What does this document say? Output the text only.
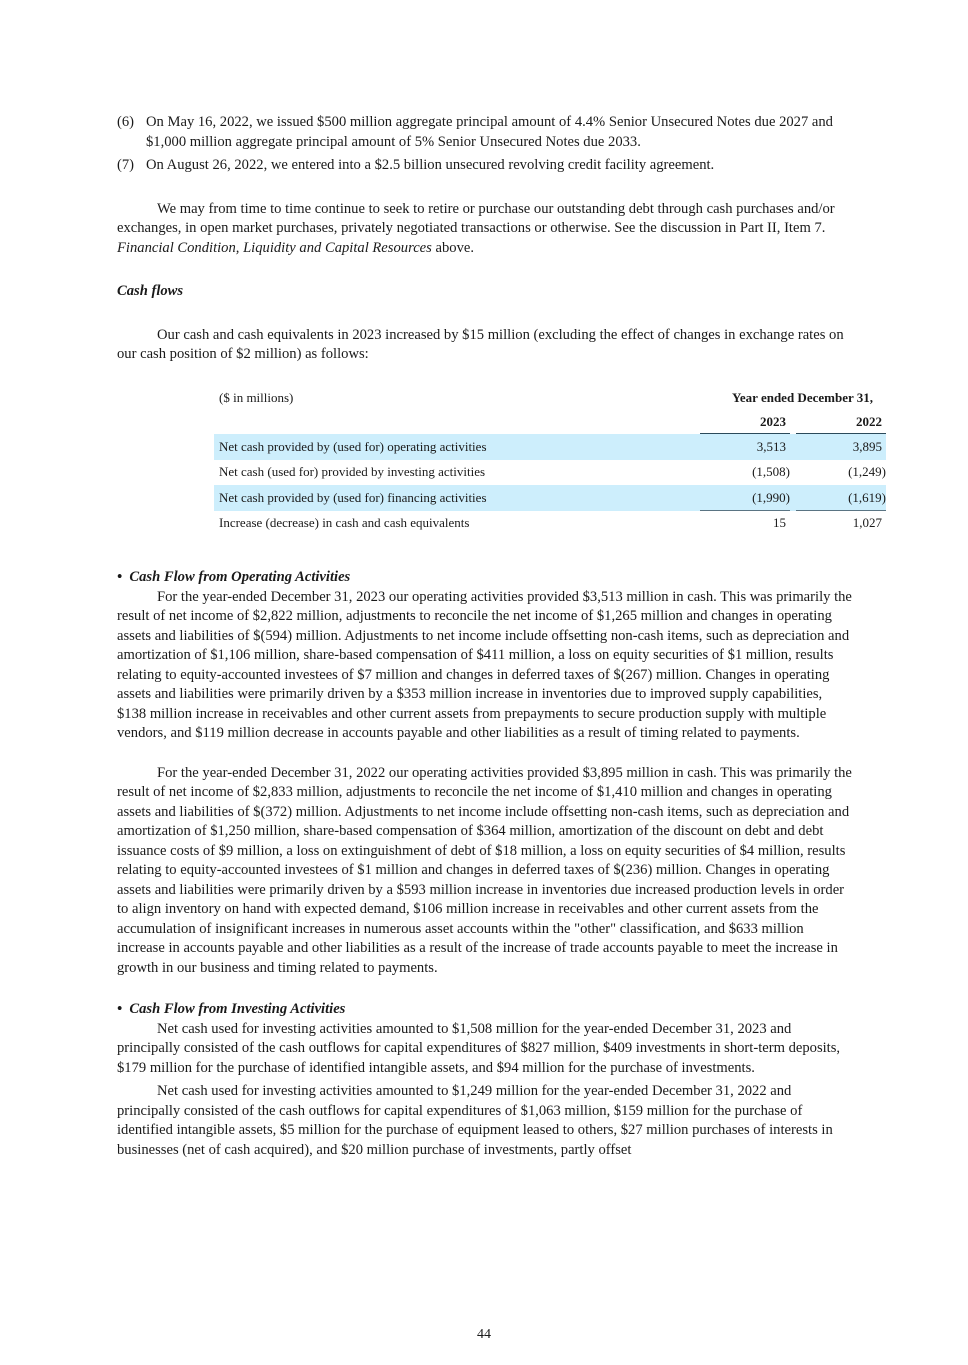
(6) On May 16, 2022, we issued $500 million aggregate principal amount of 4.4% Senior Unsecured Notes due 2027 and $1,000 million aggregate principal amount of 5% Senior Unsecured Notes due 2033.
(7) On August 26, 2022, we entered into a $2.5 billion unsecured revolving credit facility agreement.

We may from time to time continue to seek to retire or purchase our outstanding debt through cash purchases and/or exchanges, in open market purchases, privately negotiated transactions or otherwise. See the discussion in Part II, Item 7. Financial Condition, Liquidity and Capital Resources above.

Cash flows

Our cash and cash equivalents in 2023 increased by $15 million (excluding the effect of changes in exchange rates on our cash position of $2 million) as follows:

($ in millions)	Year ended December 31,
2023	2022
Net cash provided by (used for) operating activities	3,513	3,895
Net cash (used for) provided by investing activities	(1,508)	(1,249)
Net cash provided by (used for) financing activities	(1,990)	(1,619)
Increase (decrease) in cash and cash equivalents	15	1,027

• Cash Flow from Operating Activities

For the year-ended December 31, 2023 our operating activities provided $3,513 million in cash. This was primarily the result of net income of $2,822 million, adjustments to reconcile the net income of $1,265 million and changes in operating assets and liabilities of $(594) million. Adjustments to net income include offsetting non-cash items, such as depreciation and amortization of $1,106 million, share-based compensation of $411 million, a loss on equity securities of $1 million, results relating to equity-accounted investees of $7 million and changes in deferred taxes of $(267) million. Changes in operating assets and liabilities were primarily driven by a $353 million increase in inventories due to improved supply capabilities, $138 million increase in receivables and other current assets from prepayments to secure production supply with multiple vendors, and $119 million decrease in accounts payable and other liabilities as a result of timing related to payments.

For the year-ended December 31, 2022 our operating activities provided $3,895 million in cash. This was primarily the result of net income of $2,833 million, adjustments to reconcile the net income of $1,410 million and changes in operating assets and liabilities of $(372) million. Adjustments to net income include offsetting non-cash items, such as depreciation and amortization of $1,250 million, share-based compensation of $364 million, amortization of the discount on debt and debt issuance costs of $9 million, a loss on extinguishment of debt of $18 million, a loss on equity securities of $4 million, results relating to equity-accounted investees of $1 million and changes in deferred taxes of $(236) million. Changes in operating assets and liabilities were primarily driven by a $593 million increase in inventories due increased production levels in order to align inventory on hand with expected demand, $106 million increase in receivables and other current assets from the accumulation of insignificant increases in numerous asset accounts within the "other" classification, and $633 million increase in accounts payable and other liabilities as a result of the increase of trade accounts payable to meet the increase in growth in our business and timing related to payments.

• Cash Flow from Investing Activities

Net cash used for investing activities amounted to $1,508 million for the year-ended December 31, 2023 and principally consisted of the cash outflows for capital expenditures of $827 million, $409 investments in short-term deposits, $179 million for the purchase of identified intangible assets, and $94 million for the purchase of investments.

Net cash used for investing activities amounted to $1,249 million for the year-ended December 31, 2022 and principally consisted of the cash outflows for capital expenditures of $1,063 million, $159 million for the purchase of identified intangible assets, $5 million for the purchase of equipment leased to others, $27 million purchases of interests in businesses (net of cash acquired), and $20 million purchase of investments, partly offset

44
